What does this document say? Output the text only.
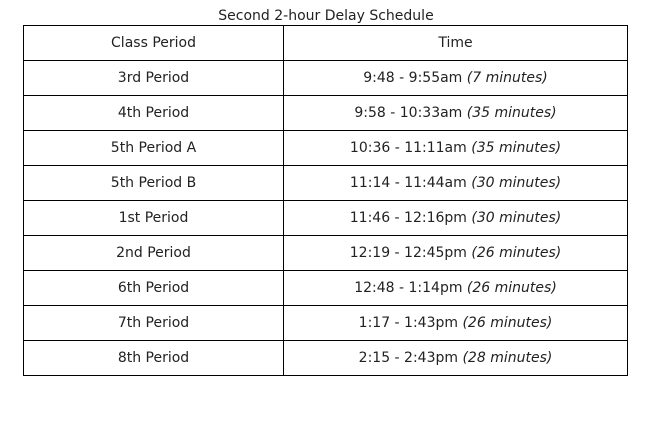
Second 2-hour Delay Schedule
Class Period	Time
3rd Period	9:48 - 9:55am (7 minutes)
4th Period	9:58 - 10:33am (35 minutes)
5th Period A	10:36 - 11:11am (35 minutes)
5th Period B	11:14 - 11:44am (30 minutes)
1st Period	11:46 - 12:16pm (30 minutes)
2nd Period	12:19 - 12:45pm (26 minutes)
6th Period	12:48 - 1:14pm (26 minutes)
7th Period	1:17 - 1:43pm (26 minutes)
8th Period	2:15 - 2:43pm (28 minutes)
